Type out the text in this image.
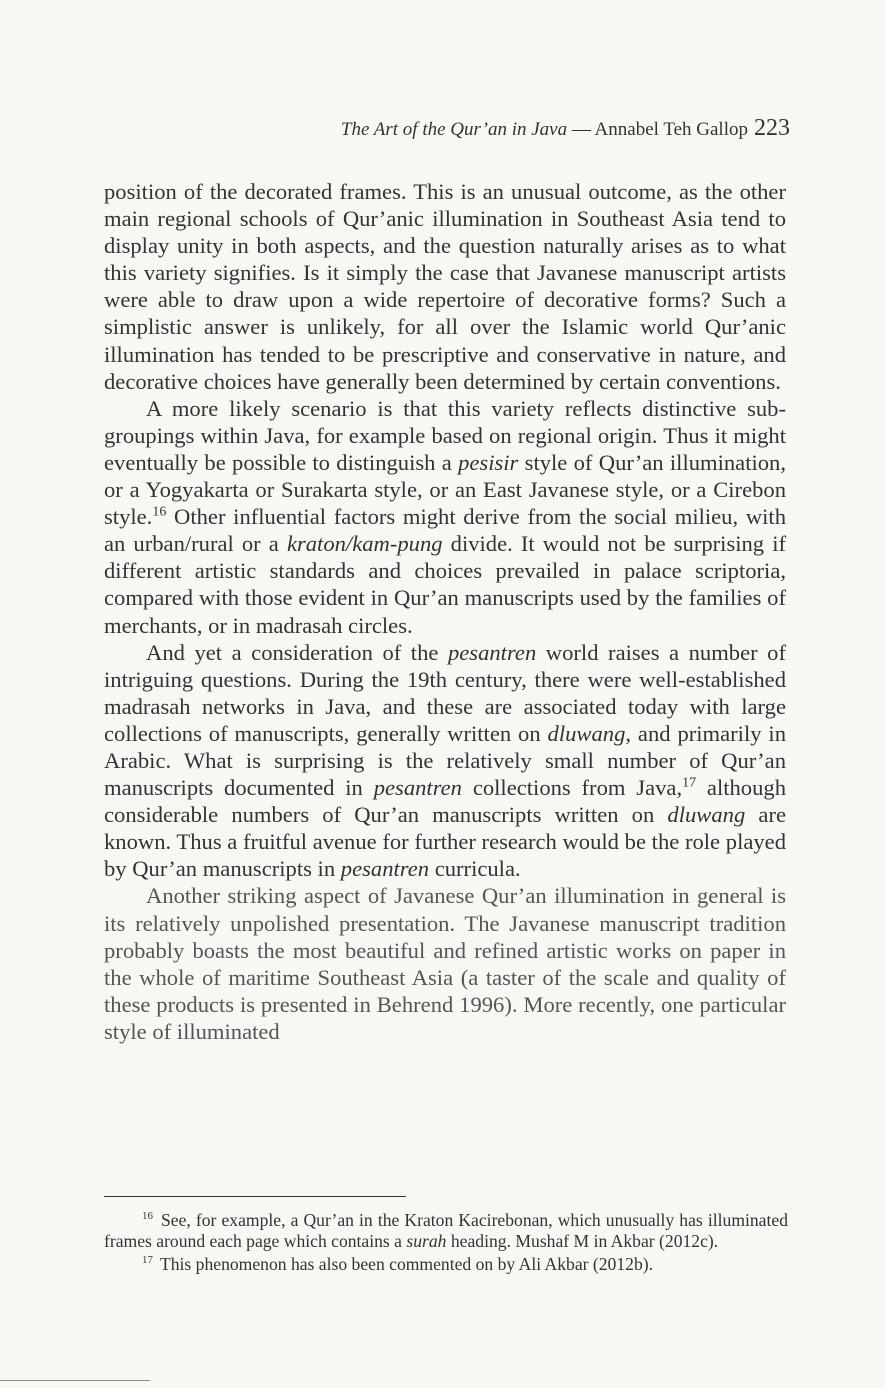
The Art of the Qur’an in Java — Annabel Teh Gallop 223

position of the decorated frames. This is an unusual outcome, as the other main regional schools of Qur’anic illumination in Southeast Asia tend to display unity in both aspects, and the question naturally arises as to what this variety signifies. Is it simply the case that Javanese manuscript artists were able to draw upon a wide repertoire of decorative forms? Such a simplistic answer is unlikely, for all over the Islamic world Qur’anic illumination has tended to be prescriptive and conservative in nature, and decorative choices have generally been determined by certain conventions.

A more likely scenario is that this variety reflects distinctive sub-groupings within Java, for example based on regional origin. Thus it might eventually be possible to distinguish a pesisir style of Qur’an illumination, or a Yogyakarta or Surakarta style, or an East Javanese style, or a Cirebon style.$^{16}$ Other influential factors might derive from the social milieu, with an urban/rural or a kraton/kam-pung divide. It would not be surprising if different artistic standards and choices prevailed in palace scriptoria, compared with those evident in Qur’an manuscripts used by the families of merchants, or in madrasah circles.

And yet a consideration of the pesantren world raises a number of intriguing questions. During the 19th century, there were well-established madrasah networks in Java, and these are associated today with large collections of manuscripts, generally written on dluwang, and primarily in Arabic. What is surprising is the relatively small number of Qur’an manuscripts documented in pesantren collections from Java,$^{17}$ although considerable numbers of Qur’an manuscripts written on dluwang are known. Thus a fruitful avenue for further research would be the role played by Qur’an manuscripts in pesantren curricula.

Another striking aspect of Javanese Qur’an illumination in general is its relatively unpolished presentation. The Javanese manuscript tradition probably boasts the most beautiful and refined artistic works on paper in the whole of maritime Southeast Asia (a taster of the scale and quality of these products is presented in Behrend 1996). More recently, one particular style of illuminated

$^{16}$ See, for example, a Qur’an in the Kraton Kacirebonan, which unusually has illuminated frames around each page which contains a surah heading. Mushaf M in Akbar (2012c).

$^{17}$ This phenomenon has also been commented on by Ali Akbar (2012b).
